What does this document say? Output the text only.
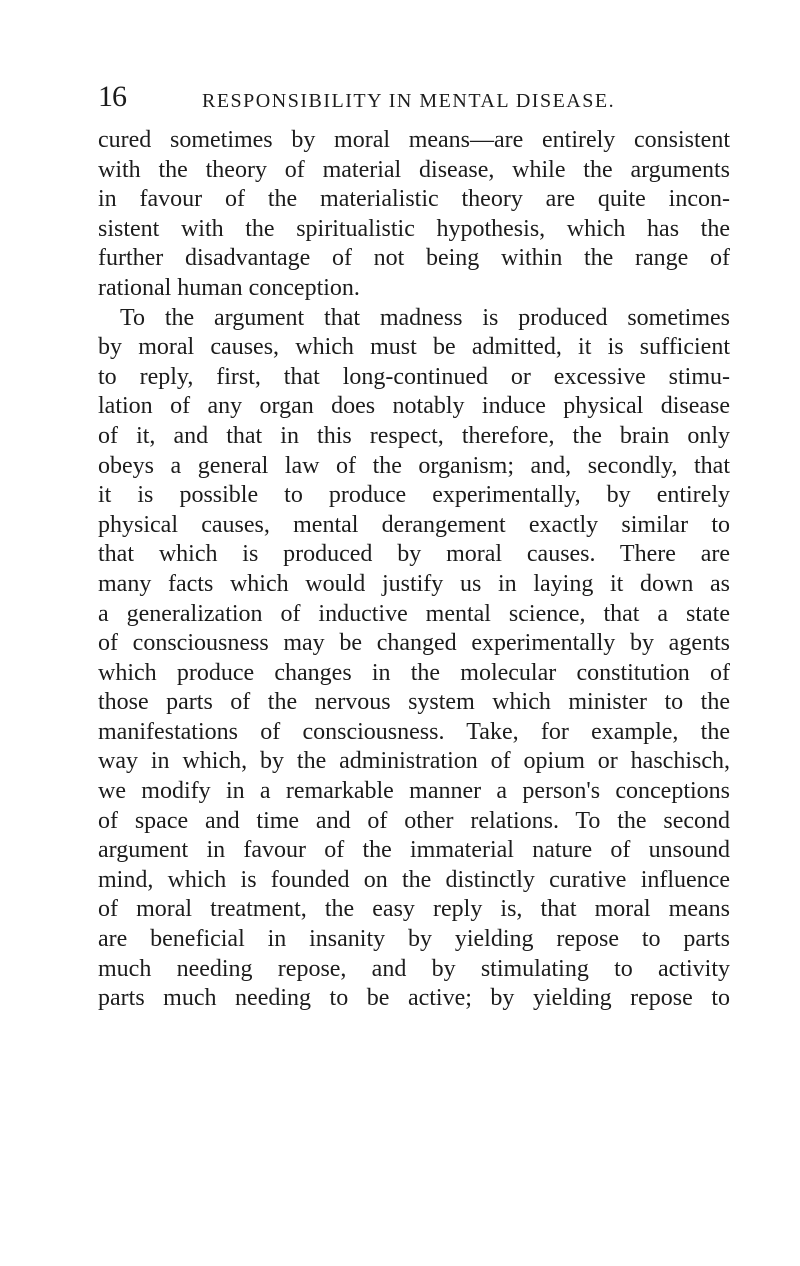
16	RESPONSIBILITY IN MENTAL DISEASE.
cured sometimes by moral means—are entirely consistent
with the theory of material disease, while the arguments
in favour of the materialistic theory are quite incon-
sistent with the spiritualistic hypothesis, which has the
further disadvantage of not being within the range of
rational human conception.
To the argument that madness is produced sometimes
by moral causes, which must be admitted, it is sufficient
to reply, first, that long-continued or excessive stimu-
lation of any organ does notably induce physical disease
of it, and that in this respect, therefore, the brain only
obeys a general law of the organism; and, secondly, that
it is possible to produce experimentally, by entirely
physical causes, mental derangement exactly similar to
that which is produced by moral causes. There are
many facts which would justify us in laying it down as
a generalization of inductive mental science, that a state
of consciousness may be changed experimentally by agents
which produce changes in the molecular constitution of
those parts of the nervous system which minister to the
manifestations of consciousness. Take, for example, the
way in which, by the administration of opium or haschisch,
we modify in a remarkable manner a person's conceptions
of space and time and of other relations. To the second
argument in favour of the immaterial nature of unsound
mind, which is founded on the distinctly curative influence
of moral treatment, the easy reply is, that moral means
are beneficial in insanity by yielding repose to parts
much needing repose, and by stimulating to activity
parts much needing to be active; by yielding repose to
